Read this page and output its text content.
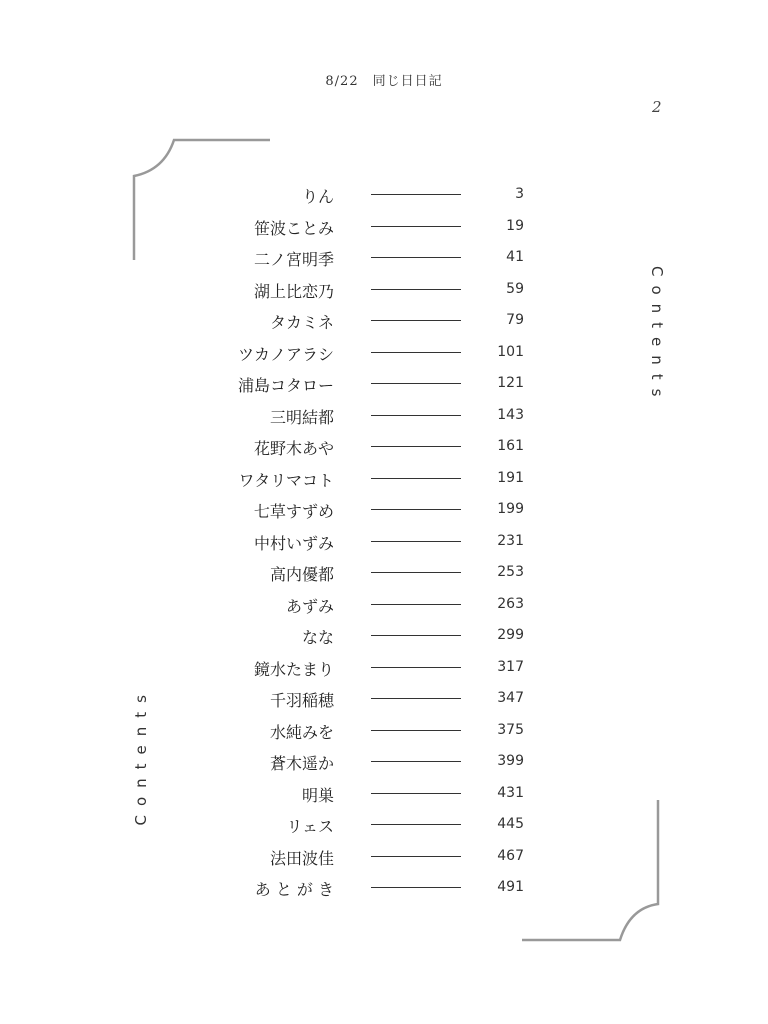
8/22　同じ日日記
2
Contents
Contents
りん	3
笹波ことみ	19
二ノ宮明季	41
湖上比恋乃	59
タカミネ	79
ツカノアラシ	101
浦島コタロー	121
三明結都	143
花野木あや	161
ワタリマコト	191
七草すずめ	199
中村いずみ	231
高内優都	253
あずみ	263
なな	299
鏡水たまり	317
千羽稲穂	347
水純みを	375
蒼木遥か	399
明巣	431
リェス	445
法田波佳	467
あ と が き	491
